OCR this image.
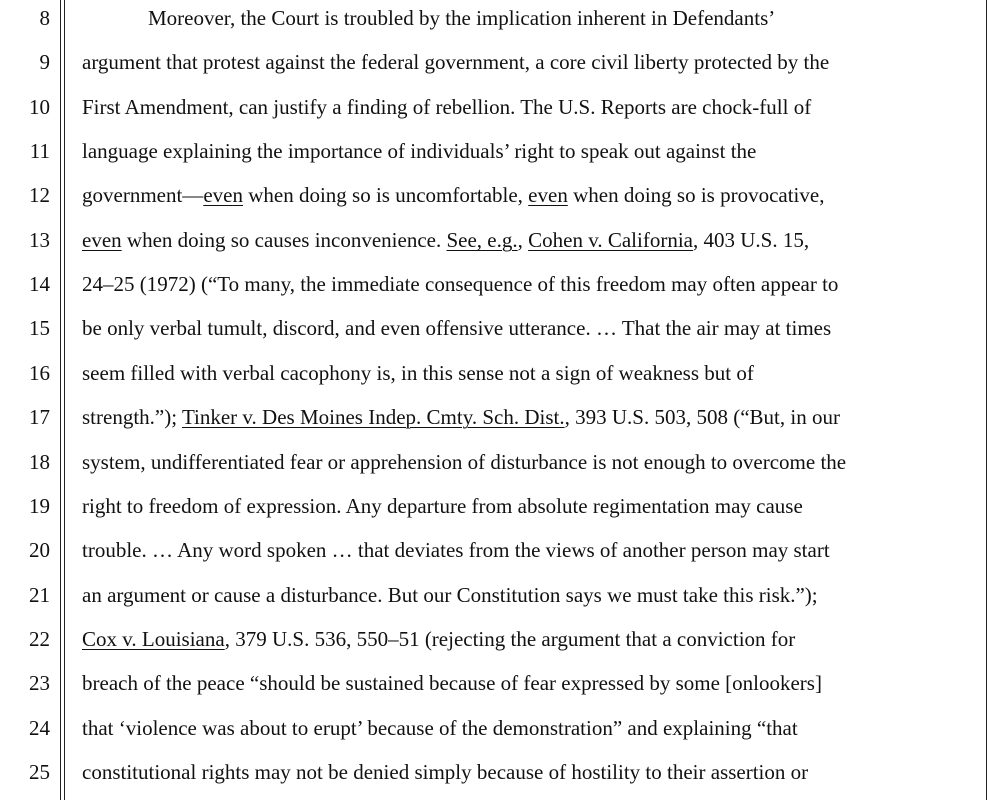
8
9
10
11
12
13
14
15
16
17
18
19
20
21
22
23
24
25
Moreover, the Court is troubled by the implication inherent in Defendants’
argument that protest against the federal government, a core civil liberty protected by the
First Amendment, can justify a finding of rebellion. The U.S. Reports are chock-full of
language explaining the importance of individuals’ right to speak out against the
government—even when doing so is uncomfortable, even when doing so is provocative,
even when doing so causes inconvenience. See, e.g., Cohen v. California, 403 U.S. 15,
24–25 (1972) (“To many, the immediate consequence of this freedom may often appear to
be only verbal tumult, discord, and even offensive utterance. … That the air may at times
seem filled with verbal cacophony is, in this sense not a sign of weakness but of
strength.”); Tinker v. Des Moines Indep. Cmty. Sch. Dist., 393 U.S. 503, 508 (“But, in our
system, undifferentiated fear or apprehension of disturbance is not enough to overcome the
right to freedom of expression. Any departure from absolute regimentation may cause
trouble. … Any word spoken … that deviates from the views of another person may start
an argument or cause a disturbance. But our Constitution says we must take this risk.”);
Cox v. Louisiana, 379 U.S. 536, 550–51 (rejecting the argument that a conviction for
breach of the peace “should be sustained because of fear expressed by some [onlookers]
that ‘violence was about to erupt’ because of the demonstration” and explaining “that
constitutional rights may not be denied simply because of hostility to their assertion or
